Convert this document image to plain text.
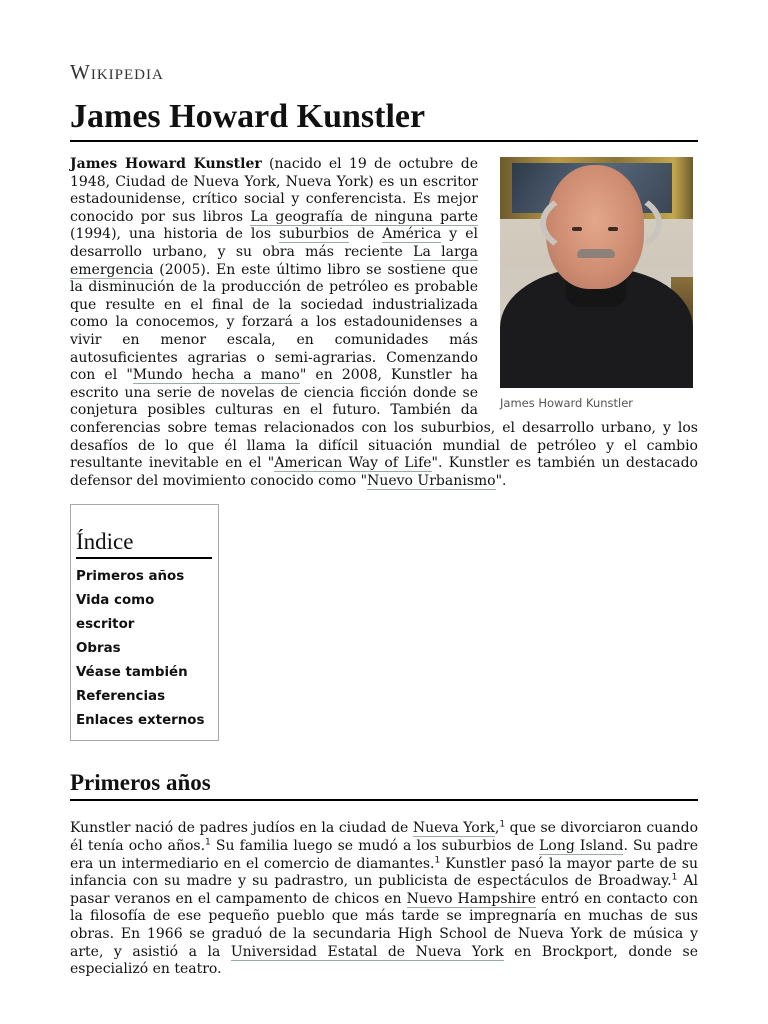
Wikipedia
James Howard Kunstler
James Howard Kunstler

James Howard Kunstler (nacido el 19 de octubre de 1948, Ciudad de Nueva York, Nueva York) es un escritor estadounidense, crítico social y conferencista. Es mejor conocido por sus libros La geografía de ninguna parte (1994), una historia de los suburbios de América y el desarrollo urbano, y su obra más reciente La larga emergencia (2005). En este último libro se sostiene que la disminución de la producción de petróleo es probable que resulte en el final de la sociedad industrializada como la conocemos, y forzará a los estadounidenses a vivir en menor escala, en comunidades más autosuficientes agrarias o semi-agrarias. Comenzando con el "Mundo hecha a mano" en 2008, Kunstler ha escrito una serie de novelas de ciencia ficción donde se conjetura posibles culturas en el futuro. También da conferencias sobre temas relacionados con los suburbios, el desarrollo urbano, y los desafíos de lo que él llama la difícil situación mundial de petróleo y el cambio resultante inevitable en el "American Way of Life". Kunstler es también un destacado defensor del movimiento conocido como "Nuevo Urbanismo".

Índice
Primeros años
Vida como escritor
Obras
Véase también
Referencias
Enlaces externos
Primeros años

Kunstler nació de padres judíos en la ciudad de Nueva York,$^1$ que se divorciaron cuando él tenía ocho años.$^1$ Su familia luego se mudó a los suburbios de Long Island. Su padre era un intermediario en el comercio de diamantes.$^1$ Kunstler pasó la mayor parte de su infancia con su madre y su padrastro, un publicista de espectáculos de Broadway.$^1$ Al pasar veranos en el campamento de chicos en Nuevo Hampshire entró en contacto con la filosofía de ese pequeño pueblo que más tarde se impregnaría en muchas de sus obras. En 1966 se graduó de la secundaria High School de Nueva York de música y arte, y asistió a la Universidad Estatal de Nueva York en Brockport, donde se especializó en teatro.
